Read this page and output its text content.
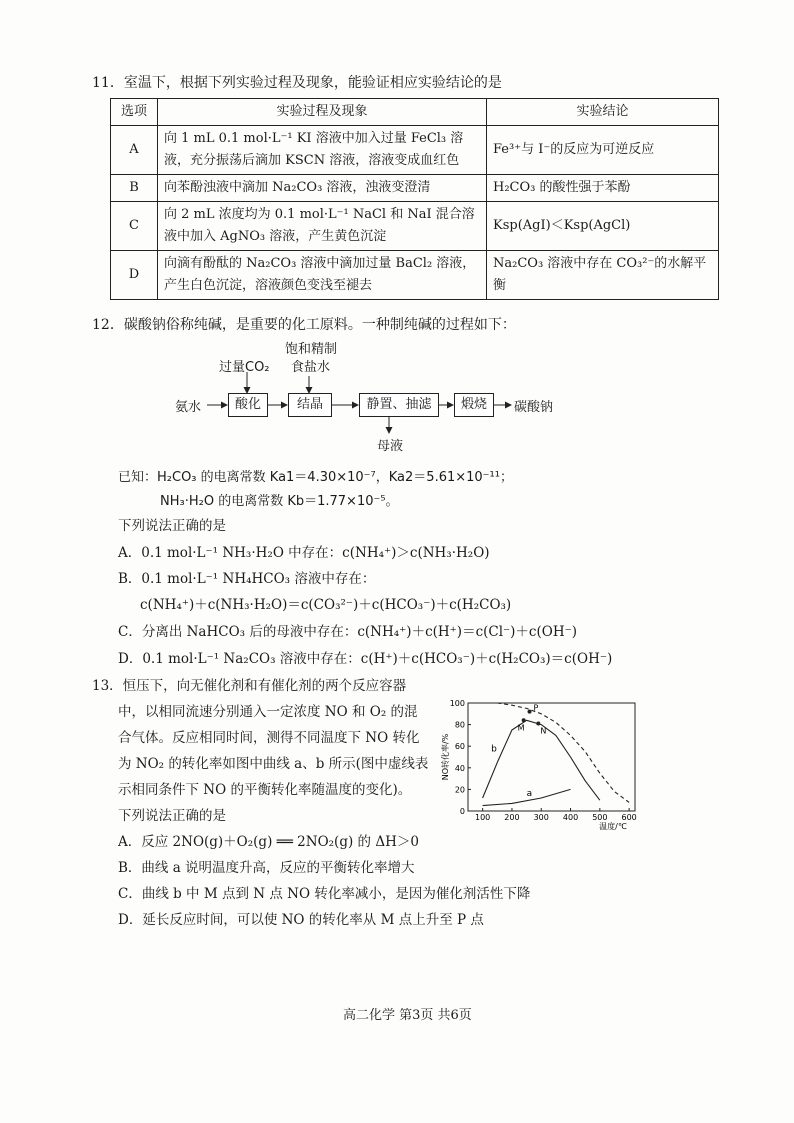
11．室温下，根据下列实验过程及现象，能验证相应实验结论的是
选项	实验过程及现象	实验结论
A	向 1 mL 0.1 mol·L⁻¹ KI 溶液中加入过量 FeCl₃ 溶液，充分振荡后滴加 KSCN 溶液，溶液变成血红色	Fe³⁺与 I⁻的反应为可逆反应
B	向苯酚浊液中滴加 Na₂CO₃ 溶液，浊液变澄清	H₂CO₃ 的酸性强于苯酚
C	向 2 mL 浓度均为 0.1 mol·L⁻¹ NaCl 和 NaI 混合溶液中加入 AgNO₃ 溶液，产生黄色沉淀	Ksp(AgI)＜Ksp(AgCl)
D	向滴有酚酞的 Na₂CO₃ 溶液中滴加过量 BaCl₂ 溶液，产生白色沉淀，溶液颜色变浅至褪去	Na₂CO₃ 溶液中存在 CO₃²⁻的水解平衡
12．碳酸钠俗称纯碱，是重要的化工原料。一种制纯碱的过程如下：
氨水	酸化	结晶	静置、抽滤	煅烧	碳酸钠
过量CO₂
饱和精制
食盐水
母液
已知：H₂CO₃ 的电离常数 Ka1＝4.30×10⁻⁷，Ka2＝5.61×10⁻¹¹；
NH₃·H₂O 的电离常数 Kb＝1.77×10⁻⁵。
下列说法正确的是
A．0.1 mol·L⁻¹ NH₃·H₂O 中存在：c(NH₄⁺)＞c(NH₃·H₂O)
B．0.1 mol·L⁻¹ NH₄HCO₃ 溶液中存在：
c(NH₄⁺)＋c(NH₃·H₂O)＝c(CO₃²⁻)＋c(HCO₃⁻)＋c(H₂CO₃)
C．分离出 NaHCO₃ 后的母液中存在：c(NH₄⁺)＋c(H⁺)＝c(Cl⁻)＋c(OH⁻)
D．0.1 mol·L⁻¹ Na₂CO₃ 溶液中存在：c(H⁺)＋c(HCO₃⁻)＋c(H₂CO₃)＝c(OH⁻)
13．恒压下，向无催化剂和有催化剂的两个反应容器
中，以相同流速分别通入一定浓度 NO 和 O₂ 的混
合气体。反应相同时间，测得不同温度下 NO 转化
为 NO₂ 的转化率如图中曲线 a、b 所示(图中虚线表
示相同条件下 NO 的平衡转化率随温度的变化)。
下列说法正确的是
A．反应 2NO(g)＋O₂(g) ══ 2NO₂(g) 的 ΔH＞0
B．曲线 a 说明温度升高，反应的平衡转化率增大
C．曲线 b 中 M 点到 N 点 NO 转化率减小，是因为催化剂活性下降
D．延长反应时间，可以使 NO 的转化率从 M 点上升至 P 点
0
20
40
60
80
100
100 200 300 400 500 600
NO转化率/%
温度/℃
a
b
P
M N
高二化学 第3页 共6页
